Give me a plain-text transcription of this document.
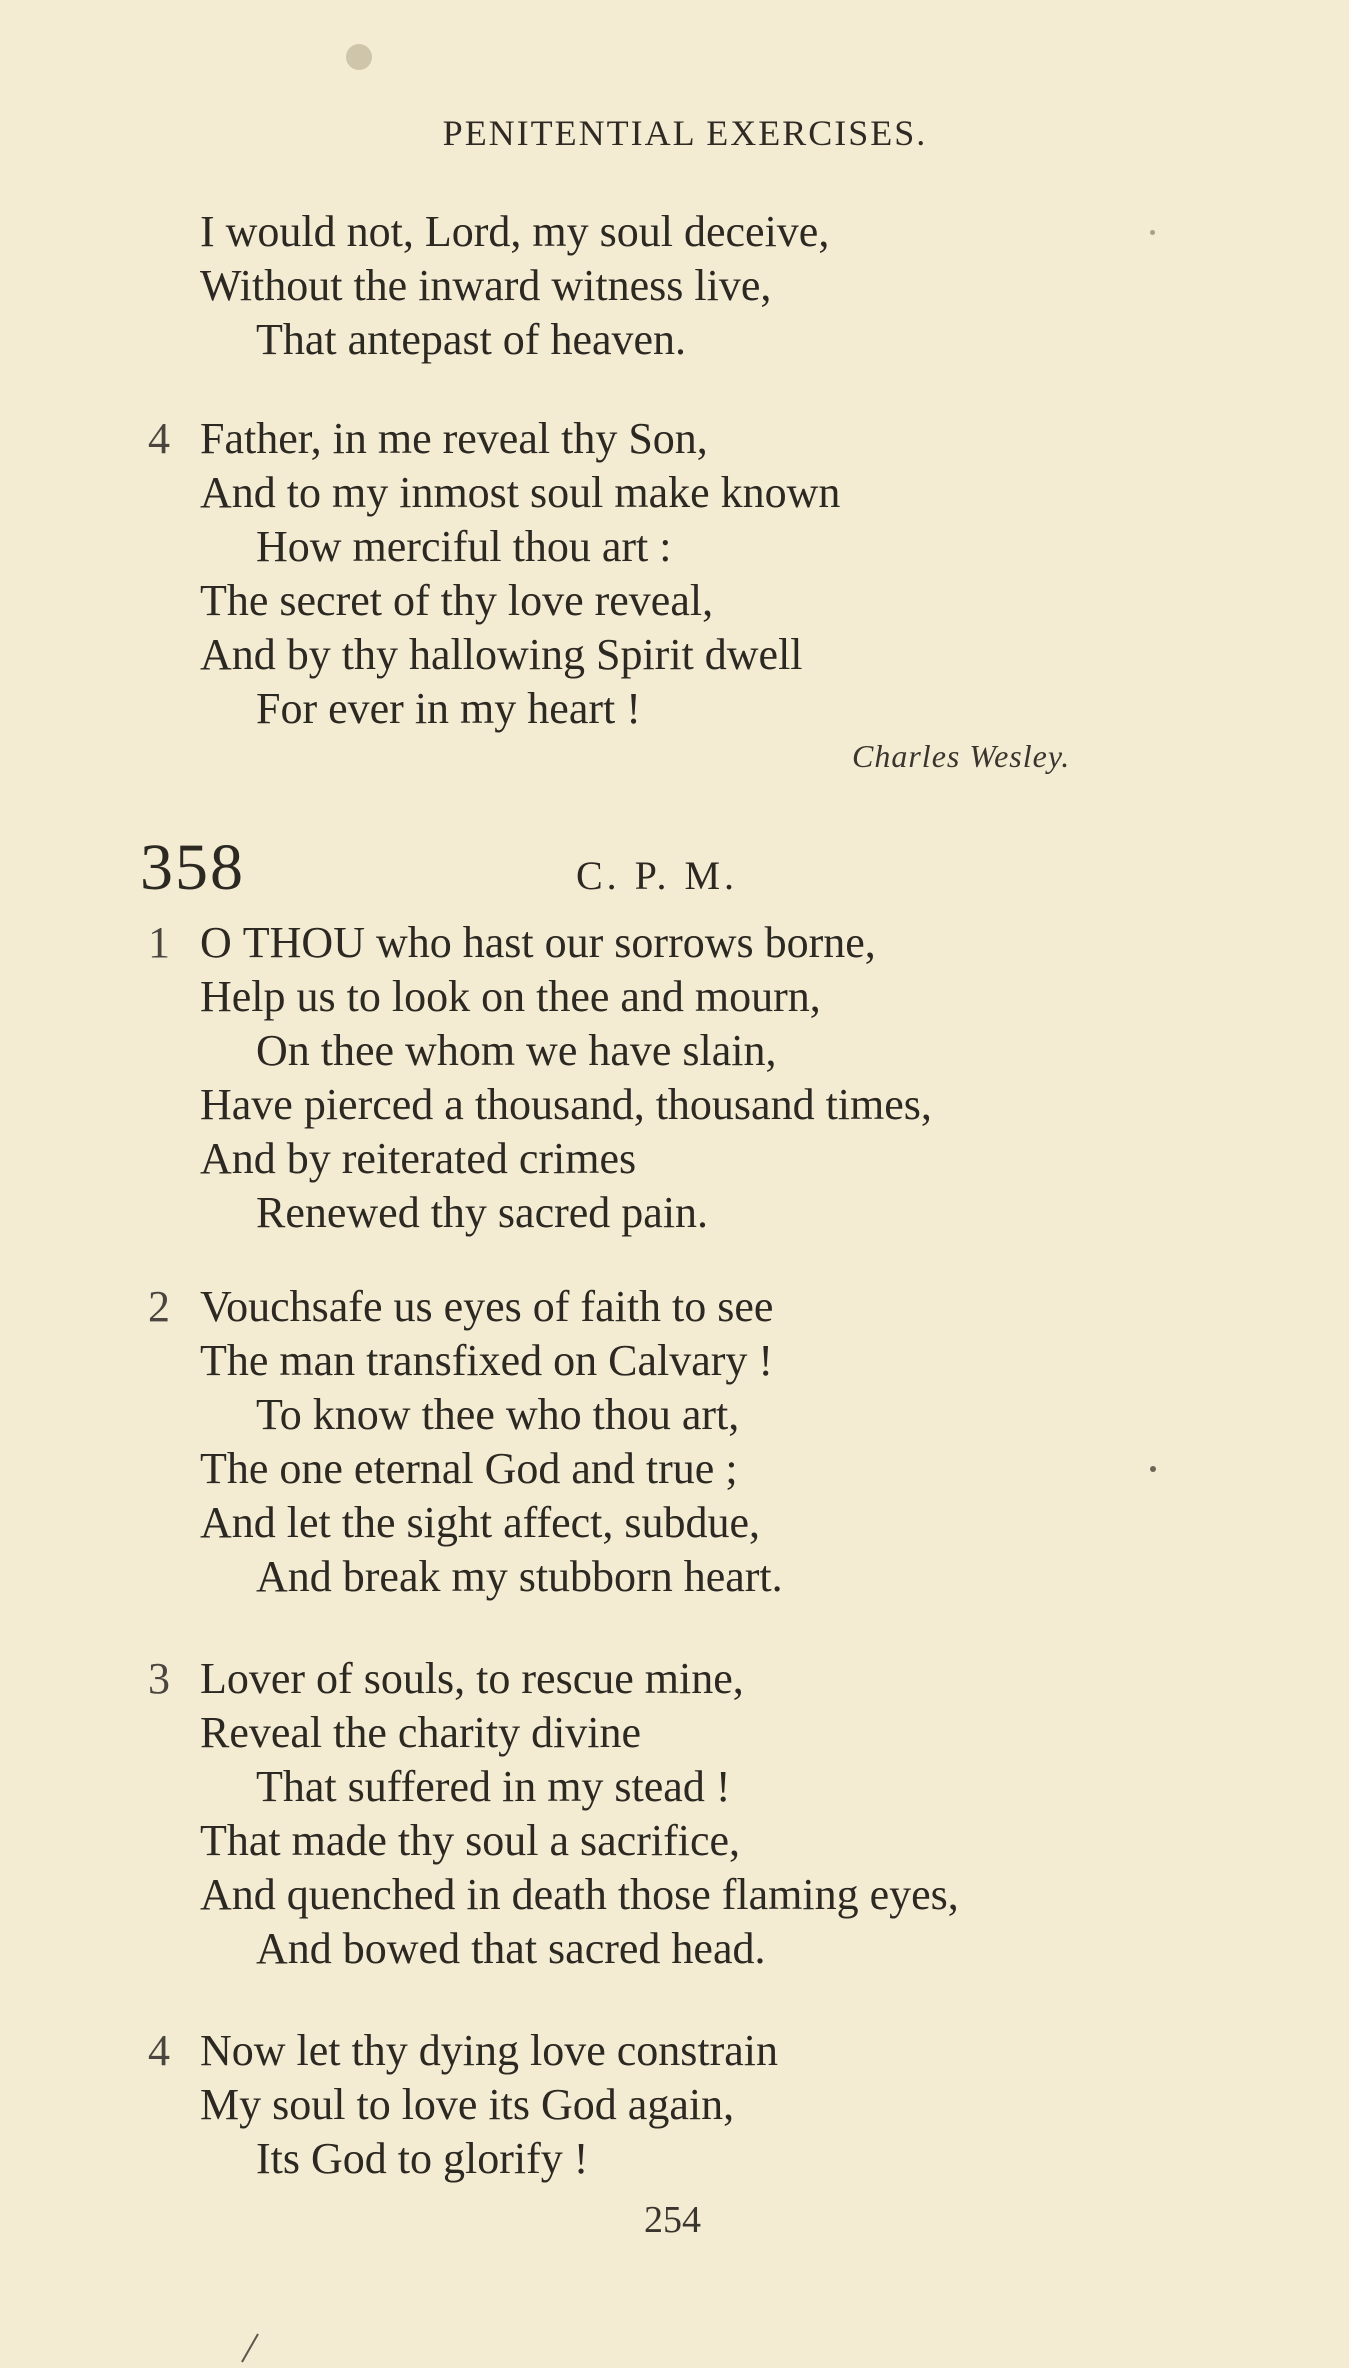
PENITENTIAL EXERCISES.
I would not, Lord, my soul deceive,
Without the inward witness live,
That antepast of heaven.
4 Father, in me reveal thy Son,
And to my inmost soul make known
How merciful thou art :
The secret of thy love reveal,
And by thy hallowing Spirit dwell
For ever in my heart !
Charles Wesley.
358	C. P. M.
1 O THOU who hast our sorrows borne,
Help us to look on thee and mourn,
On thee whom we have slain,
Have pierced a thousand, thousand times,
And by reiterated crimes
Renewed thy sacred pain.
2 Vouchsafe us eyes of faith to see
The man transfixed on Calvary !
To know thee who thou art,
The one eternal God and true ;
And let the sight affect, subdue,
And break my stubborn heart.
3 Lover of souls, to rescue mine,
Reveal the charity divine
That suffered in my stead !
That made thy soul a sacrifice,
And quenched in death those flaming eyes,
And bowed that sacred head.
4 Now let thy dying love constrain
My soul to love its God again,
Its God to glorify !
254
